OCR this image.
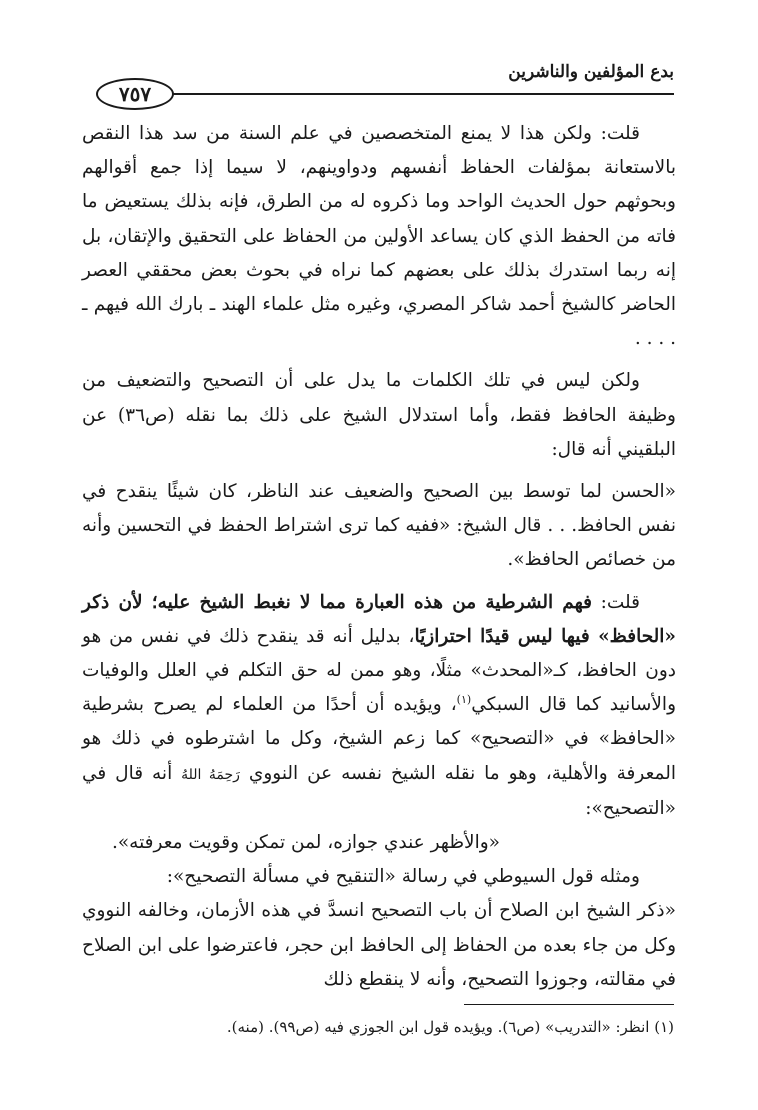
بدع المؤلفين والناشرين
٧٥٧

قلت: ولكن هذا لا يمنع المتخصصين في علم السنة من سد هذا النقص بالاستعانة بمؤلفات الحفاظ أنفسهم ودواوينهم، لا سيما إذا جمع أقوالهم وبحوثهم حول الحديث الواحد وما ذكروه له من الطرق، فإنه بذلك يستعيض ما فاته من الحفظ الذي كان يساعد الأولين من الحفاظ على التحقيق والإتقان، بل إنه ربما استدرك بذلك على بعضهم كما نراه في بحوث بعض محققي العصر الحاضر كالشيخ أحمد شاكر المصري، وغيره مثل علماء الهند ـ بارك الله فيهم ـ . . . .

ولكن ليس في تلك الكلمات ما يدل على أن التصحيح والتضعيف من وظيفة الحافظ فقط، وأما استدلال الشيخ على ذلك بما نقله (ص٣٦) عن البلقيني أنه قال:

«الحسن لما توسط بين الصحيح والضعيف عند الناظر، كان شيئًا ينقدح في نفس الحافظ. . . قال الشيخ: «ففيه كما ترى اشتراط الحفظ في التحسين وأنه من خصائص الحافظ».

قلت: فهم الشرطية من هذه العبارة مما لا نغبط الشيخ عليه؛ لأن ذكر «الحافظ» فيها ليس قيدًا احترازيًا، بدليل أنه قد ينقدح ذلك في نفس من هو دون الحافظ، كـ«المحدث» مثلًا، وهو ممن له حق التكلم في العلل والوفيات والأسانيد كما قال السبكي$^{(١)}$، ويؤيده أن أحدًا من العلماء لم يصرح بشرطية «الحافظ» في «التصحيح» كما زعم الشيخ، وكل ما اشترطوه في ذلك هو المعرفة والأهلية، وهو ما نقله الشيخ نفسه عن النووي رَحِمَهُ اللهُ أنه قال في «التصحيح»:

«والأظهر عندي جوازه، لمن تمكن وقويت معرفته».

ومثله قول السيوطي في رسالة «التنقيح في مسألة التصحيح»:

«ذكر الشيخ ابن الصلاح أن باب التصحيح انسدَّ في هذه الأزمان، وخالفه النووي وكل من جاء بعده من الحفاظ إلى الحافظ ابن حجر، فاعترضوا على ابن الصلاح في مقالته، وجوزوا التصحيح، وأنه لا ينقطع ذلك

(١) انظر: «التدريب» (ص٦). ويؤيده قول ابن الجوزي فيه (ص٩٩). (منه).
